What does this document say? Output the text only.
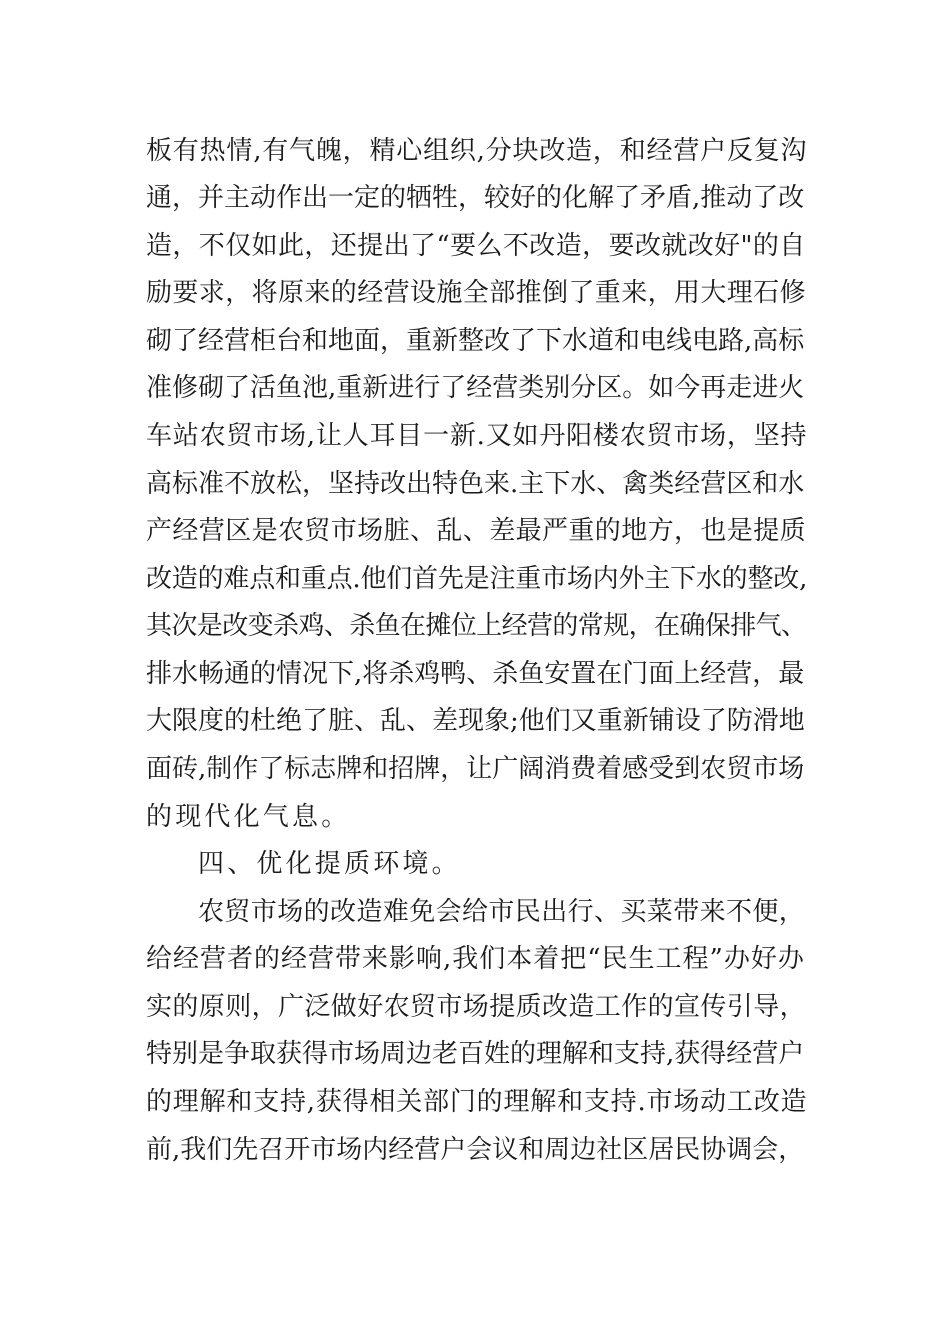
板有热情,有气魄，精心组织,分块改造，和经营户反复沟
通，并主动作出一定的牺牲，较好的化解了矛盾,推动了改
造，不仅如此，还提出了“要么不改造，要改就改好"的自
励要求，将原来的经营设施全部推倒了重来，用大理石修
砌了经营柜台和地面，重新整改了下水道和电线电路,高标
准修砌了活鱼池,重新进行了经营类别分区。如今再走进火
车站农贸市场,让人耳目一新.又如丹阳楼农贸市场，坚持
高标准不放松，坚持改出特色来.主下水、禽类经营区和水
产经营区是农贸市场脏、乱、差最严重的地方，也是提质
改造的难点和重点.他们首先是注重市场内外主下水的整改,
其次是改变杀鸡、杀鱼在摊位上经营的常规，在确保排气、
排水畅通的情况下,将杀鸡鸭、杀鱼安置在门面上经营，最
大限度的杜绝了脏、乱、差现象;他们又重新铺设了防滑地
面砖,制作了标志牌和招牌，让广阔消费着感受到农贸市场
的现代化气息。
四、优化提质环境。
农贸市场的改造难免会给市民出行、买菜带来不便，
给经营者的经营带来影响,我们本着把“民生工程”办好办
实的原则，广泛做好农贸市场提质改造工作的宣传引导，
特别是争取获得市场周边老百姓的理解和支持,获得经营户
的理解和支持,获得相关部门的理解和支持.市场动工改造
前,我们先召开市场内经营户会议和周边社区居民协调会，
